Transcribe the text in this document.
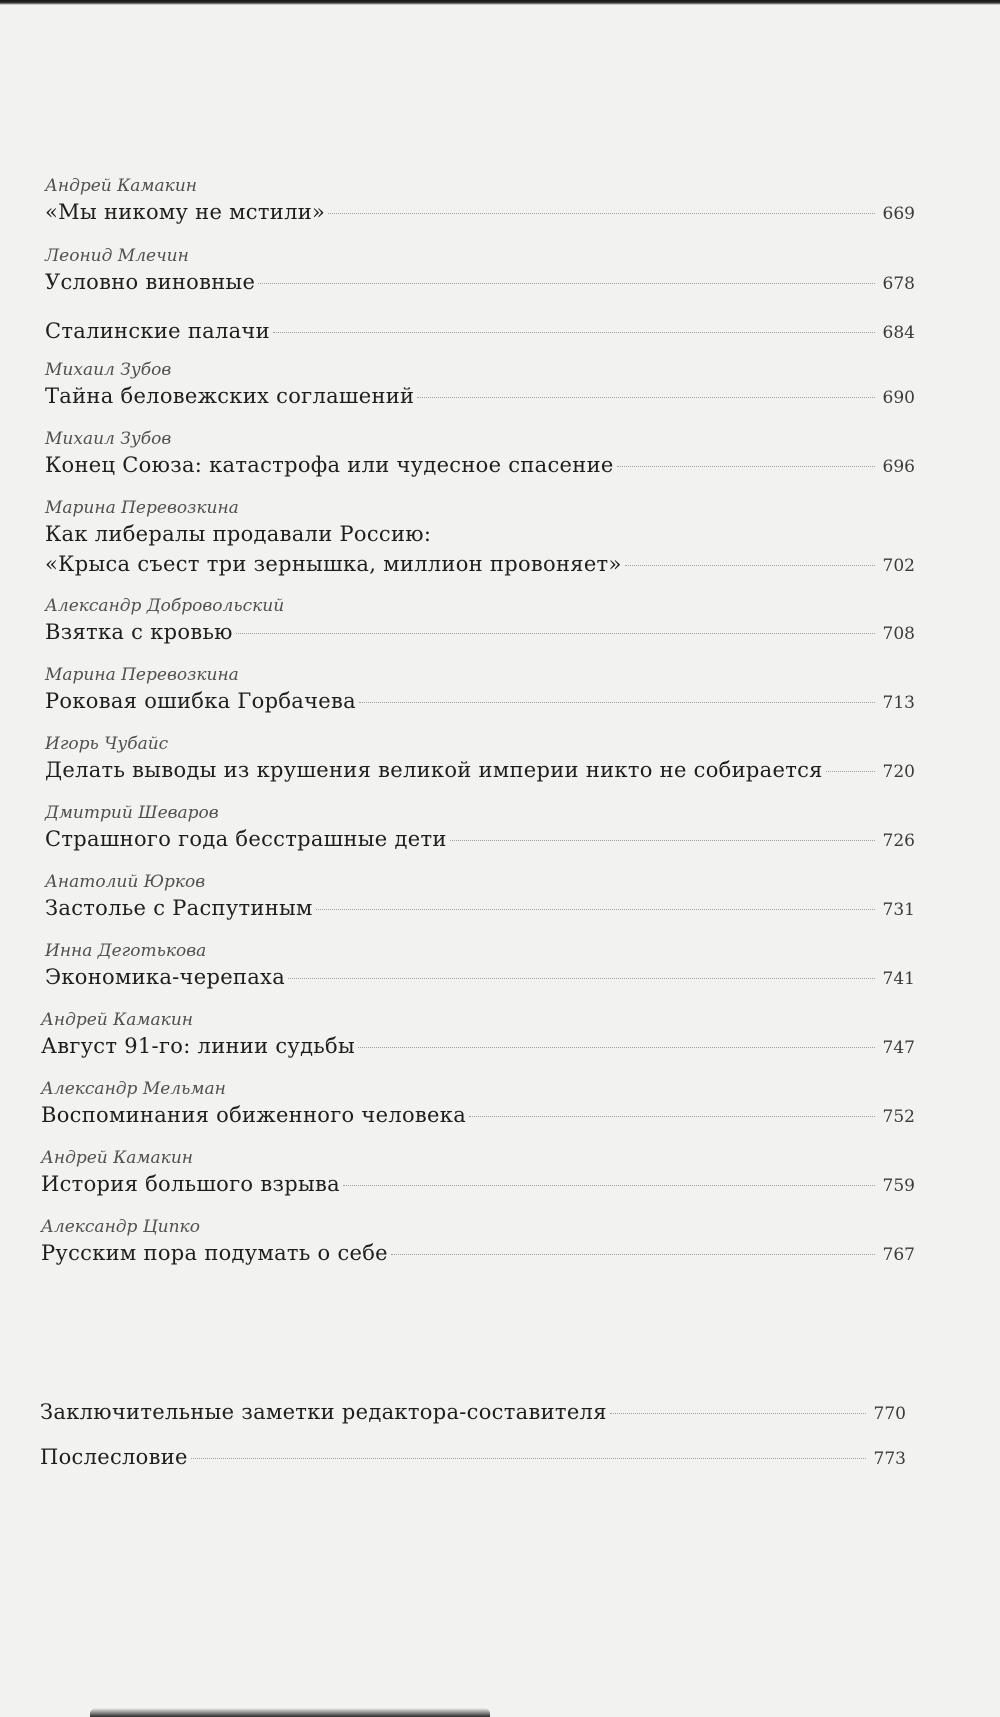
Андрей Камакин
«Мы никому не мстили»	669
Леонид Млечин
Условно виновные	678
Сталинские палачи	684
Михаил Зубов
Тайна беловежских соглашений	690
Михаил Зубов
Конец Союза: катастрофа или чудесное спасение	696
Марина Перевозкина
Как либералы продавали Россию:
«Крыса съест три зернышка, миллион провоняет»	702
Александр Добровольский
Взятка с кровью	708
Марина Перевозкина
Роковая ошибка Горбачева	713
Игорь Чубайс
Делать выводы из крушения великой империи никто не собирается	720
Дмитрий Шеваров
Страшного года бесстрашные дети	726
Анатолий Юрков
Застолье с Распутиным	731
Инна Деготькова
Экономика-черепаха	741
Андрей Камакин
Август 91-го: линии судьбы	747
Александр Мельман
Воспоминания обиженного человека	752
Андрей Камакин
История большого взрыва	759
Александр Ципко
Русским пора подумать о себе	767
Заключительные заметки редактора-составителя	770
Послесловие	773
